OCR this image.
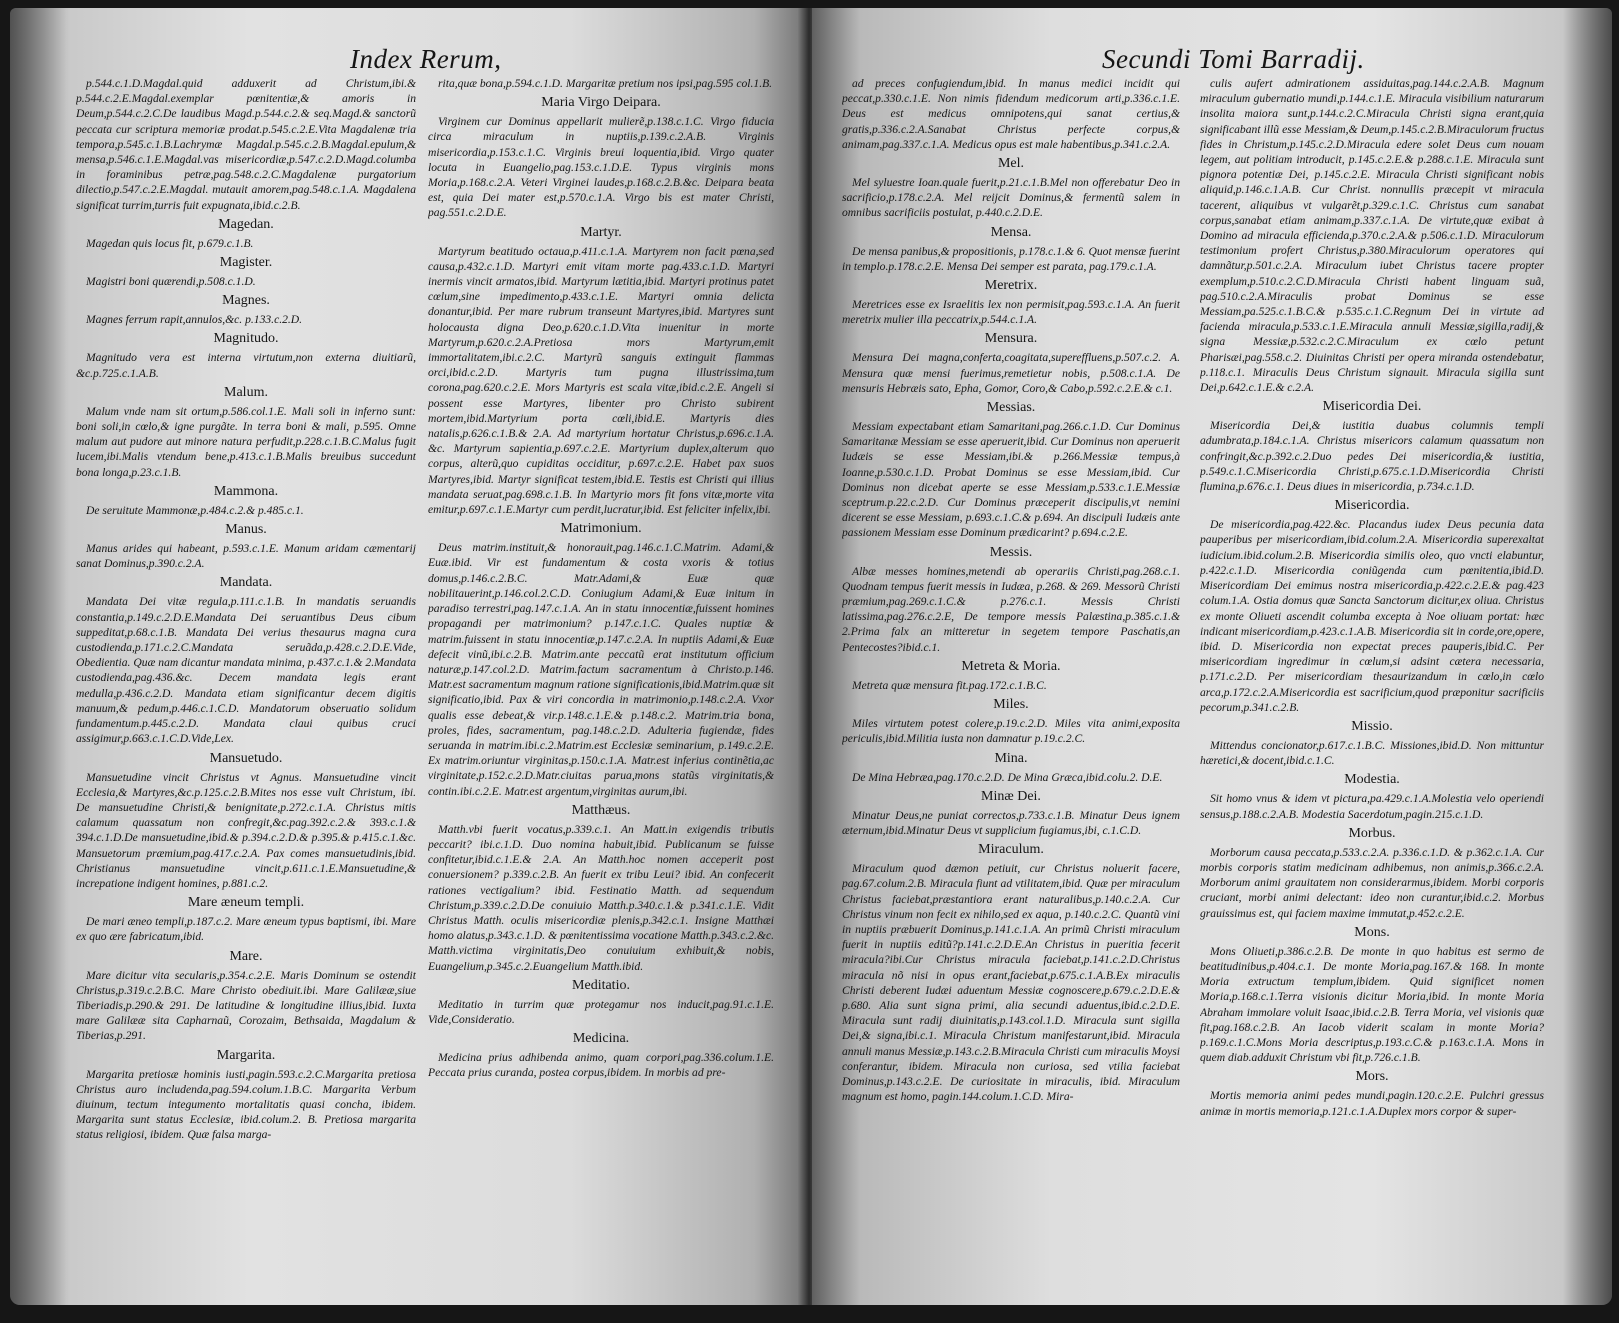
Index Rerum,

p.544.c.1.D.Magdal.quid adduxerit ad Christum,ibi.& p.544.c.2.E.Magdal.exemplar pœnitentiæ,& amoris in Deum,p.544.c.2.C.De laudibus Magd.p.544.c.2.& seq.Magd.& sanctorũ peccata cur scriptura memoriæ prodat.p.545.c.2.E.Vita Magdalenæ tria tempora,p.545.c.1.B.Lachrymæ Magdal.p.545.c.2.B.Magdal.epulum,& mensa,p.546.c.1.E.Magdal.vas misericordiæ,p.547.c.2.D.Magd.columba in foraminibus petræ,pag.548.c.2.C.Magdalenæ purgatorium dilectio,p.547.c.2.E.Magdal. mutauit amorem,pag.548.c.1.A. Magdalena significat turrim,turris fuit expugnata,ibid.c.2.B.

Magedan.

Magedan quis locus fit, p.679.c.1.B.

Magister.

Magistri boni quærendi,p.508.c.1.D.

Magnes.

Magnes ferrum rapit,annulos,&c. p.133.c.2.D.

Magnitudo.

Magnitudo vera est interna virtutum,non externa diuitiarũ, &c.p.725.c.1.A.B.

Malum.

Malum vnde nam sit ortum,p.586.col.1.E. Mali soli in inferno sunt: boni soli,in cœlo,& igne purgãte. In terra boni & mali, p.595. Omne malum aut pudore aut minore natura perfudit,p.228.c.1.B.C.Malus fugit lucem,ibi.Malis vtendum bene,p.413.c.1.B.Malis breuibus succedunt bona longa,p.23.c.1.B.

Mammona.

De seruitute Mammonæ,p.484.c.2.& p.485.c.1.

Manus.

Manus arides qui habeant, p.593.c.1.E. Manum aridam cæmentarij sanat Dominus,p.390.c.2.A.

Mandata.

Mandata Dei vitæ regula,p.111.c.1.B. In mandatis seruandis constantia,p.149.c.2.D.E.Mandata Dei seruantibus Deus cibum suppeditat,p.68.c.1.B. Mandata Dei verius thesaurus magna cura custodienda,p.171.c.2.C.Mandata seruãda,p.428.c.2.D.E.Vide, Obedientia. Quæ nam dicantur mandata minima, p.437.c.1.& 2.Mandata custodienda,pag.436.&c. Decem mandata legis erant medulla,p.436.c.2.D. Mandata etiam significantur decem digitis manuum,& pedum,p.446.c.1.C.D. Mandatorum obseruatio solidum fundamentum.p.445.c.2.D. Mandata claui quibus cruci assigimur,p.663.c.1.C.D.Vide,Lex.

Mansuetudo.

Mansuetudine vincit Christus vt Agnus. Mansuetudine vincit Ecclesia,& Martyres,&c.p.125.c.2.B.Mites nos esse vult Christum, ibi. De mansuetudine Christi,& benignitate,p.272.c.1.A. Christus mitis calamum quassatum non confregit,&c.pag.392.c.2.& 393.c.1.& 394.c.1.D.De mansuetudine,ibid.& p.394.c.2.D.& p.395.& p.415.c.1.&c. Mansuetorum præmium,pag.417.c.2.A. Pax comes mansuetudinis,ibid. Christianus mansuetudine vincit,p.611.c.1.E.Mansuetudine,& increpatione indigent homines, p.881.c.2.

Mare æneum templi.

De mari æneo templi,p.187.c.2. Mare æneum typus baptismi, ibi. Mare ex quo ære fabricatum,ibid.

Mare.

Mare dicitur vita secularis,p.354.c.2.E. Maris Dominum se ostendit Christus,p.319.c.2.B.C. Mare Christo obediuit.ibi. Mare Galilææ,siue Tiberiadis,p.290.& 291. De latitudine & longitudine illius,ibid. Iuxta mare Galilææ sita Capharnaũ, Corozaim, Bethsaida, Magdalum & Tiberias,p.291.

Margarita.

Margarita pretiosæ hominis iusti,pagin.593.c.2.C.Margarita pretiosa Christus auro includenda,pag.594.colum.1.B.C. Margarita Verbum diuinum, tectum integumento mortalitatis quasi concha, ibidem. Margarita sunt status Ecclesiæ, ibid.colum.2. B. Pretiosa margarita status religiosi, ibidem. Quæ falsa marga-

rita,quæ bona,p.594.c.1.D. Margaritæ pretium nos ipsi,pag.595 col.1.B.

Maria Virgo Deipara.

Virginem cur Dominus appellarit mulierẽ,p.138.c.1.C. Virgo fiducia circa miraculum in nuptiis,p.139.c.2.A.B. Virginis misericordia,p.153.c.1.C. Virginis breui loquentia,ibid. Virgo quater locuta in Euangelio,pag.153.c.1.D.E. Typus virginis mons Moria,p.168.c.2.A. Veteri Virginei laudes,p.168.c.2.B.&c. Deipara beata est, quia Dei mater est,p.570.c.1.A. Virgo bis est mater Christi, pag.551.c.2.D.E.

Martyr.

Martyrum beatitudo octaua,p.411.c.1.A. Martyrem non facit pœna,sed causa,p.432.c.1.D. Martyri emit vitam morte pag.433.c.1.D. Martyri inermis vincit armatos,ibid. Martyrum lætitia,ibid. Martyri protinus patet cœlum,sine impedimento,p.433.c.1.E. Martyri omnia delicta donantur,ibid. Per mare rubrum transeunt Martyres,ibid. Martyres sunt holocausta digna Deo,p.620.c.1.D.Vita inuenitur in morte Martyrum,p.620.c.2.A.Pretiosa mors Martyrum,emit immortalitatem,ibi.c.2.C. Martyrũ sanguis extinguit flammas orci,ibid.c.2.D. Martyris tum pugna illustrissima,tum corona,pag.620.c.2.E. Mors Martyris est scala vitæ,ibid.c.2.E. Angeli si possent esse Martyres, libenter pro Christo subirent mortem,ibid.Martyrium porta cœli,ibid.E. Martyris dies natalis,p.626.c.1.B.& 2.A. Ad martyrium hortatur Christus,p.696.c.1.A. &c. Martyrum sapientia,p.697.c.2.E. Martyrium duplex,alterum quo corpus, alterũ,quo cupiditas occiditur, p.697.c.2.E. Habet pax suos Martyres,ibid. Martyr significat testem,ibid.E. Testis est Christi qui illius mandata seruat,pag.698.c.1.B. In Martyrio mors fit fons vitæ,morte vita emitur,p.697.c.1.E.Martyr cum perdit,lucratur,ibid. Est feliciter infelix,ibi.

Matrimonium.

Deus matrim.instituit,& honorauit,pag.146.c.1.C.Matrim. Adami,& Euæ.ibid. Vir est fundamentum & costa vxoris & totius domus,p.146.c.2.B.C. Matr.Adami,& Euæ quæ nobilitauerint,p.146.col.2.C.D. Coniugium Adami,& Euæ initum in paradiso terrestri,pag.147.c.1.A. An in statu innocentiæ,fuissent homines propagandi per matrimonium? p.147.c.1.C. Quales nuptiæ & matrim.fuissent in statu innocentiæ,p.147.c.2.A. In nuptiis Adami,& Euæ defecit vinũ,ibi.c.2.B. Matrim.ante peccatũ erat institutum officium naturæ,p.147.col.2.D. Matrim.factum sacramentum à Christo.p.146. Matr.est sacramentum magnum ratione significationis,ibid.Matrim.quæ sit significatio,ibid. Pax & viri concordia in matrimonio,p.148.c.2.A. Vxor qualis esse debeat,& vir.p.148.c.1.E.& p.148.c.2. Matrim.tria bona, proles, fides, sacramentum, pag.148.c.2.D. Adulteria fugiendæ, fides seruanda in matrim.ibi.c.2.Matrim.est Ecclesiæ seminarium, p.149.c.2.E. Ex matrim.oriuntur virginitas,p.150.c.1.A. Matr.est inferius continẽtia,ac virginitate,p.152.c.2.D.Matr.ciuitas parua,mons statũs virginitatis,& contin.ibi.c.2.E. Matr.est argentum,virginitas aurum,ibi.

Matthæus.

Matth.vbi fuerit vocatus,p.339.c.1. An Matt.in exigendis tributis peccarit? ibi.c.1.D. Duo nomina habuit,ibid. Publicanum se fuisse confitetur,ibid.c.1.E.& 2.A. An Matth.hoc nomen acceperit post conuersionem? p.339.c.2.B. An fuerit ex tribu Leui? ibid. An confecerit rationes vectigalium? ibid. Festinatio Matth. ad sequendum Christum,p.339.c.2.D.De conuiuio Matth.p.340.c.1.& p.341.c.1.E. Vidit Christus Matth. oculis misericordiæ plenis,p.342.c.1. Insigne Matthæi homo alatus,p.343.c.1.D. & pœnitentissima vocatione Matth.p.343.c.2.&c. Matth.victima virginitatis,Deo conuiuium exhibuit,& nobis, Euangelium,p.345.c.2.Euangelium Matth.ibid.

Meditatio.

Meditatio in turrim quæ protegamur nos inducit,pag.91.c.1.E. Vide,Consideratio.

Medicina.

Medicina prius adhibenda animo, quam corpori,pag.336.colum.1.E. Peccata prius curanda, postea corpus,ibidem. In morbis ad pre-

Secundi Tomi Barradij.

ad preces confugiendum,ibid. In manus medici incidit qui peccat,p.330.c.1.E. Non nimis fidendum medicorum arti,p.336.c.1.E. Deus est medicus omnipotens,qui sanat certius,& gratis,p.336.c.2.A.Sanabat Christus perfecte corpus,& animam,pag.337.c.1.A. Medicus opus est male habentibus,p.341.c.2.A.

Mel.

Mel syluestre Ioan.quale fuerit,p.21.c.1.B.Mel non offerebatur Deo in sacrificio,p.178.c.2.A. Mel reijcit Dominus,& fermentũ salem in omnibus sacrificiis postulat, p.440.c.2.D.E.

Mensa.

De mensa panibus,& propositionis, p.178.c.1.& 6. Quot mensæ fuerint in templo.p.178.c.2.E. Mensa Dei semper est parata, pag.179.c.1.A.

Meretrix.

Meretrices esse ex Israelitis lex non permisit,pag.593.c.1.A. An fuerit meretrix mulier illa peccatrix,p.544.c.1.A.

Mensura.

Mensura Dei magna,conferta,coagitata,supereffluens,p.507.c.2. A. Mensura quæ mensi fuerimus,remetietur nobis, p.508.c.1.A. De mensuris Hebræis sato, Epha, Gomor, Coro,& Cabo,p.592.c.2.E.& c.1.

Messias.

Messiam expectabant etiam Samaritani,pag.266.c.1.D. Cur Dominus Samaritanæ Messiam se esse aperuerit,ibid. Cur Dominus non aperuerit Iudæis se esse Messiam,ibi.& p.266.Messiæ tempus,à Ioanne,p.530.c.1.D. Probat Dominus se esse Messiam,ibid. Cur Dominus non dicebat aperte se esse Messiam,p.533.c.1.E.Messiæ sceptrum.p.22.c.2.D. Cur Dominus præceperit discipulis,vt nemini dicerent se esse Messiam, p.693.c.1.C.& p.694. An discipuli Iudæis ante passionem Messiam esse Dominum prædicarint? p.694.c.2.E.

Messis.

Albæ messes homines,metendi ab operariis Christi,pag.268.c.1. Quodnam tempus fuerit messis in Iudæa, p.268. & 269. Messorũ Christi præmium,pag.269.c.1.C.& p.276.c.1. Messis Christi latissima,pag.276.c.2.E, De tempore messis Palæstina,p.385.c.1.& 2.Prima falx an mitteretur in segetem tempore Paschatis,an Pentecostes?ibid.c.1.

Metreta & Moria.

Metreta quæ mensura fit.pag.172.c.1.B.C.

Miles.

Miles virtutem potest colere,p.19.c.2.D. Miles vita animi,exposita periculis,ibid.Militia iusta non damnatur p.19.c.2.C.

Mina.

De Mina Hebræa,pag.170.c.2.D. De Mina Græca,ibid.colu.2. D.E.

Minæ Dei.

Minatur Deus,ne puniat correctos,p.733.c.1.B. Minatur Deus ignem æternum,ibid.Minatur Deus vt supplicium fugiamus,ibi, c.1.C.D.

Miraculum.

Miraculum quod dæmon petiuit, cur Christus noluerit facere, pag.67.colum.2.B. Miracula fiunt ad vtilitatem,ibid. Quæ per miraculum Christus faciebat,præstantiora erant naturalibus,p.140.c.2.A. Cur Christus vinum non fecit ex nihilo,sed ex aqua, p.140.c.2.C. Quantũ vini in nuptiis præbuerit Dominus,p.141.c.1.A. An primũ Christi miraculum fuerit in nuptiis editũ?p.141.c.2.D.E.An Christus in pueritia fecerit miracula?ibi.Cur Christus miracula faciebat,p.141.c.2.D.Christus miracula nõ nisi in opus erant,faciebat,p.675.c.1.A.B.Ex miraculis Christi deberent Iudæi aduentum Messiæ cognoscere,p.679.c.2.D.E.& p.680. Alia sunt signa primi, alia secundi aduentus,ibid.c.2.D.E. Miracula sunt radij diuinitatis,p.143.col.1.D. Miracula sunt sigilla Dei,& signa,ibi.c.1. Miracula Christum manifestarunt,ibid. Miracula annuli manus Messiæ,p.143.c.2.B.Miracula Christi cum miraculis Moysi conferantur, ibidem. Miracula non curiosa, sed vtilia faciebat Dominus,p.143.c.2.E. De curiositate in miraculis, ibid. Miraculum magnum est homo, pagin.144.colum.1.C.D. Mira-

culis aufert admirationem assiduitas,pag.144.c.2.A.B. Magnum miraculum gubernatio mundi,p.144.c.1.E. Miracula visibilium naturarum insolita maiora sunt,p.144.c.2.C.Miracula Christi signa erant,quia significabant illũ esse Messiam,& Deum,p.145.c.2.B.Miraculorum fructus fides in Christum,p.145.c.2.D.Miracula edere solet Deus cum nouam legem, aut politiam introducit, p.145.c.2.E.& p.288.c.1.E. Miracula sunt pignora potentiæ Dei, p.145.c.2.E. Miracula Christi significant nobis aliquid,p.146.c.1.A.B. Cur Christ. nonnullis præcepit vt miracula tacerent, aliquibus vt vulgarẽt,p.329.c.1.C. Christus cum sanabat corpus,sanabat etiam animam,p.337.c.1.A. De virtute,quæ exibat à Domino ad miracula efficienda,p.370.c.2.A.& p.506.c.1.D. Miraculorum testimonium profert Christus,p.380.Miraculorum operatores qui damnãtur,p.501.c.2.A. Miraculum iubet Christus tacere propter exemplum,p.510.c.2.C.D.Miracula Christi habent linguam suã, pag.510.c.2.A.Miraculis probat Dominus se esse Messiam,pa.525.c.1.B.C.& p.535.c.1.C.Regnum Dei in virtute ad facienda miracula,p.533.c.1.E.Miracula annuli Messiæ,sigilla,radij,& signa Messiæ,p.532.c.2.C.Miraculum ex cœlo petunt Pharisæi,pag.558.c.2. Diuinitas Christi per opera miranda ostendebatur, p.118.c.1. Miraculis Deus Christum signauit. Miracula sigilla sunt Dei,p.642.c.1.E.& c.2.A.

Misericordia Dei.

Misericordia Dei,& iustitia duabus columnis templi adumbrata,p.184.c.1.A. Christus misericors calamum quassatum non confringit,&c.p.392.c.2.Duo pedes Dei misericordia,& iustitia, p.549.c.1.C.Misericordia Christi,p.675.c.1.D.Misericordia Christi flumina,p.676.c.1. Deus diues in misericordia, p.734.c.1.D.

Misericordia.

De misericordia,pag.422.&c. Placandus iudex Deus pecunia data pauperibus per misericordiam,ibid.colum.2.A. Misericordia superexaltat iudicium.ibid.colum.2.B. Misericordia similis oleo, quo vncti elabuntur, p.422.c.1.D. Misericordia coniũgenda cum pœnitentia,ibid.D. Misericordiam Dei emimus nostra misericordia,p.422.c.2.E.& pag.423 colum.1.A. Ostia domus quæ Sancta Sanctorum dicitur,ex oliua. Christus ex monte Oliueti ascendit columba excepta à Noe oliuam portat: hæc indicant misericordiam,p.423.c.1.A.B. Misericordia sit in corde,ore,opere, ibid. D. Misericordia non expectat preces pauperis,ibid.C. Per misericordiam ingredimur in cœlum,si adsint cætera necessaria, p.171.c.2.D. Per misericordiam thesaurizandum in cœlo,in cœlo arca,p.172.c.2.A.Misericordia est sacrificium,quod præponitur sacrificiis pecorum,p.341.c.2.B.

Missio.

Mittendus concionator,p.617.c.1.B.C. Missiones,ibid.D. Non mittuntur hæretici,& docent,ibid.c.1.C.

Modestia.

Sit homo vnus & idem vt pictura,pa.429.c.1.A.Molestia velo operiendi sensus,p.188.c.2.A.B. Modestia Sacerdotum,pagin.215.c.1.D.

Morbus.

Morborum causa peccata,p.533.c.2.A. p.336.c.1.D. & p.362.c.1.A. Cur morbis corporis statim medicinam adhibemus, non animis,p.366.c.2.A. Morborum animi grauitatem non considerarmus,ibidem. Morbi corporis cruciant, morbi animi delectant: ideo non curantur,ibid.c.2. Morbus grauissimus est, qui faciem maxime immutat,p.452.c.2.E.

Mons.

Mons Oliueti,p.386.c.2.B. De monte in quo habitus est sermo de beatitudinibus,p.404.c.1. De monte Moria,pag.167.& 168. In monte Moria extructum templum,ibidem. Quid significet nomen Moria,p.168.c.1.Terra visionis dicitur Moria,ibid. In monte Moria Abraham immolare voluit Isaac,ibid.c.2.B. Terra Moria, vel visionis quæ fit,pag.168.c.2.B. An Iacob viderit scalam in monte Moria? p.169.c.1.C.Mons Moria descriptus,p.193.c.C.& p.163.c.1.A. Mons in quem diab.adduxit Christum vbi fit,p.726.c.1.B.

Mors.

Mortis memoria animi pedes mundi,pagin.120.c.2.E. Pulchri gressus animæ in mortis memoria,p.121.c.1.A.Duplex mors corpor & super-
